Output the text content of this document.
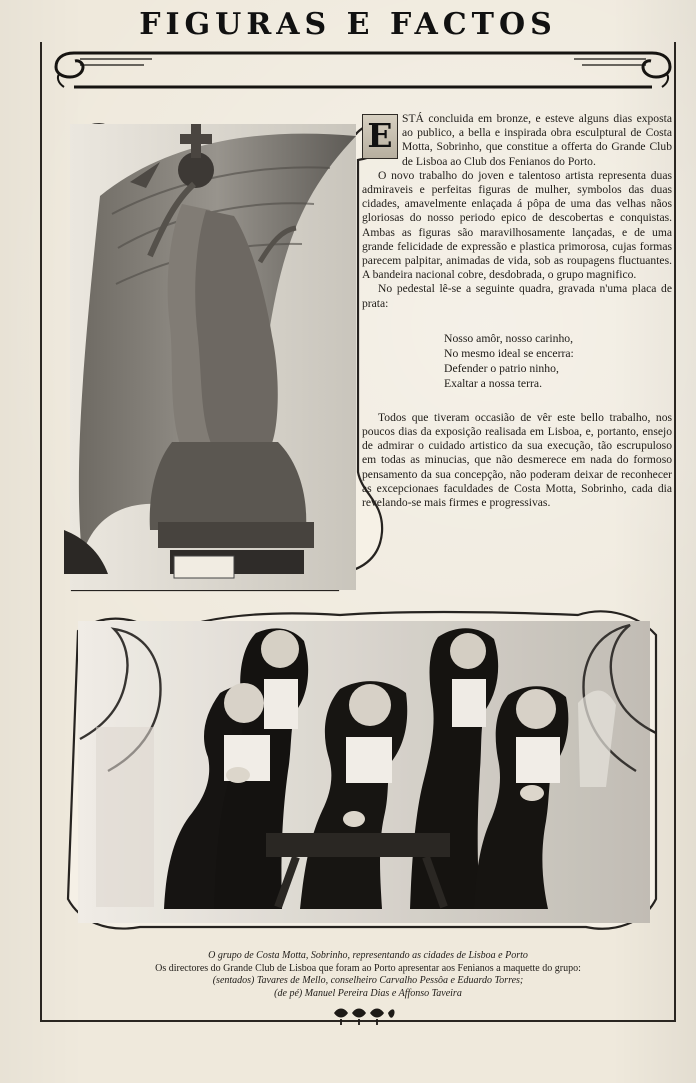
FIGURAS E FACTOS

E STÁ concluida em bronze, e esteve alguns dias exposta ao publico, a bella e inspirada obra esculptural de Costa Motta, Sobrinho, que constitue a offerta do Grande Club de Lisboa ao Club dos Fenianos do Porto.

O novo trabalho do joven e talentoso artista representa duas admiraveis e perfeitas figuras de mulher, symbolos das duas cidades, amavelmente enlaçada á pôpa de uma das velhas nãos gloriosas do nosso periodo epico de descobertas e conquistas. Ambas as figuras são maravilhosamente lançadas, e de uma grande felicidade de expressão e plastica primorosa, cujas formas parecem palpitar, animadas de vida, sob as roupagens fluctuantes. A bandeira nacional cobre, desdobrada, o grupo magnifico.

No pedestal lê-se a seguinte quadra, gravada n'uma placa de prata:

Nosso amôr, nosso carinho,
No mesmo ideal se encerra:
Defender o patrio ninho,
Exaltar a nossa terra.

Todos que tiveram occasião de vêr este bello trabalho, nos poucos dias da exposição realisada em Lisboa, e, portanto, ensejo de admirar o cuidado artistico da sua execução, tão escrupuloso em todas as minucias, que não desmerece em nada do formoso pensamento da sua concepção, não poderam deixar de reconhecer as excepcionaes faculdades de Costa Motta, Sobrinho, cada dia revelando-se mais firmes e progressivas.

O grupo de Costa Motta, Sobrinho, representando as cidades de Lisboa e Porto
Os directores do Grande Club de Lisboa que foram ao Porto apresentar aos Fenianos a maquette do grupo:
(sentados) Tavares de Mello, conselheiro Carvalho Pessôa e Eduardo Torres;
(de pé) Manuel Pereira Dias e Affonso Taveira
